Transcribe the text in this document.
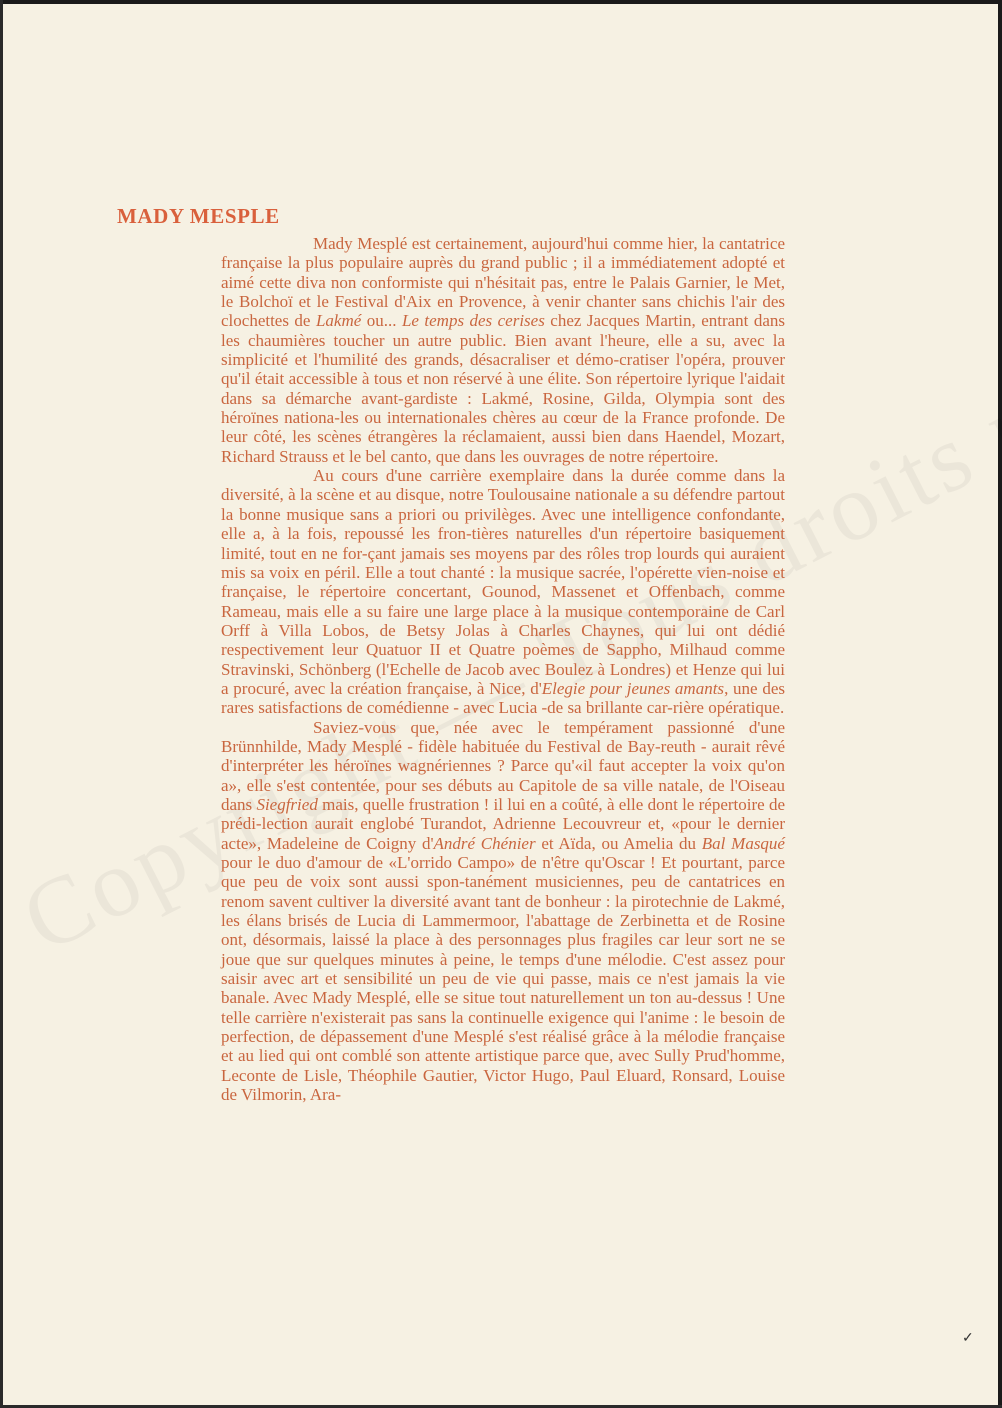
MADY MESPLE

Mady Mesplé est certainement, aujourd'hui comme hier, la cantatrice française la plus populaire auprès du grand public ; il a immédiatement adopté et aimé cette diva non conformiste qui n'hésitait pas, entre le Palais Garnier, le Met, le Bolchoï et le Festival d'Aix en Provence, à venir chanter sans chichis l'air des clochettes de Lakmé ou... Le temps des cerises chez Jacques Martin, entrant dans les chaumières toucher un autre public. Bien avant l'heure, elle a su, avec la simplicité et l'humilité des grands, désacraliser et démo-cratiser l'opéra, prouver qu'il était accessible à tous et non réservé à une élite. Son répertoire lyrique l'aidait dans sa démarche avant-gardiste : Lakmé, Rosine, Gilda, Olympia sont des héroïnes nationa-les ou internationales chères au cœur de la France profonde. De leur côté, les scènes étrangères la réclamaient, aussi bien dans Haendel, Mozart, Richard Strauss et le bel canto, que dans les ouvrages de notre répertoire.

Au cours d'une carrière exemplaire dans la durée comme dans la diversité, à la scène et au disque, notre Toulousaine nationale a su défendre partout la bonne musique sans a priori ou privilèges. Avec une intelligence confondante, elle a, à la fois, repoussé les fron-tières naturelles d'un répertoire basiquement limité, tout en ne for-çant jamais ses moyens par des rôles trop lourds qui auraient mis sa voix en péril. Elle a tout chanté : la musique sacrée, l'opérette vien-noise et française, le répertoire concertant, Gounod, Massenet et Offenbach, comme Rameau, mais elle a su faire une large place à la musique contemporaine de Carl Orff à Villa Lobos, de Betsy Jolas à Charles Chaynes, qui lui ont dédié respectivement leur Quatuor II et Quatre poèmes de Sappho, Milhaud comme Stravinski, Schönberg (l'Echelle de Jacob avec Boulez à Londres) et Henze qui lui a procuré, avec la création française, à Nice, d'Elegie pour jeunes amants, une des rares satisfactions de comédienne - avec Lucia -de sa brillante car-rière opératique.

Saviez-vous que, née avec le tempérament passionné d'une Brünnhilde, Mady Mesplé - fidèle habituée du Festival de Bay-reuth - aurait rêvé d'interpréter les héroïnes wagnériennes ? Parce qu'«il faut accepter la voix qu'on a», elle s'est contentée, pour ses débuts au Capitole de sa ville natale, de l'Oiseau dans Siegfried mais, quelle frustration ! il lui en a coûté, à elle dont le répertoire de prédi-lection aurait englobé Turandot, Adrienne Lecouvreur et, «pour le dernier acte», Madeleine de Coigny d'André Chénier et Aïda, ou Amelia du Bal Masqué pour le duo d'amour de «L'orrido Campo» de n'être qu'Oscar ! Et pourtant, parce que peu de voix sont aussi spon-tanément musiciennes, peu de cantatrices en renom savent cultiver la diversité avant tant de bonheur : la pirotechnie de Lakmé, les élans brisés de Lucia di Lammermoor, l'abattage de Zerbinetta et de Rosine ont, désormais, laissé la place à des personnages plus fragiles car leur sort ne se joue que sur quelques minutes à peine, le temps d'une mélodie. C'est assez pour saisir avec art et sensibilité un peu de vie qui passe, mais ce n'est jamais la vie banale. Avec Mady Mesplé, elle se situe tout naturellement un ton au-dessus ! Une telle carrière n'existerait pas sans la continuelle exigence qui l'anime : le besoin de perfection, de dépassement d'une Mesplé s'est réalisé grâce à la mélodie française et au lied qui ont comblé son attente artistique parce que, avec Sully Prud'homme, Leconte de Lisle, Théophile Gautier, Victor Hugo, Paul Eluard, Ronsard, Louise de Vilmorin, Ara-

✓
